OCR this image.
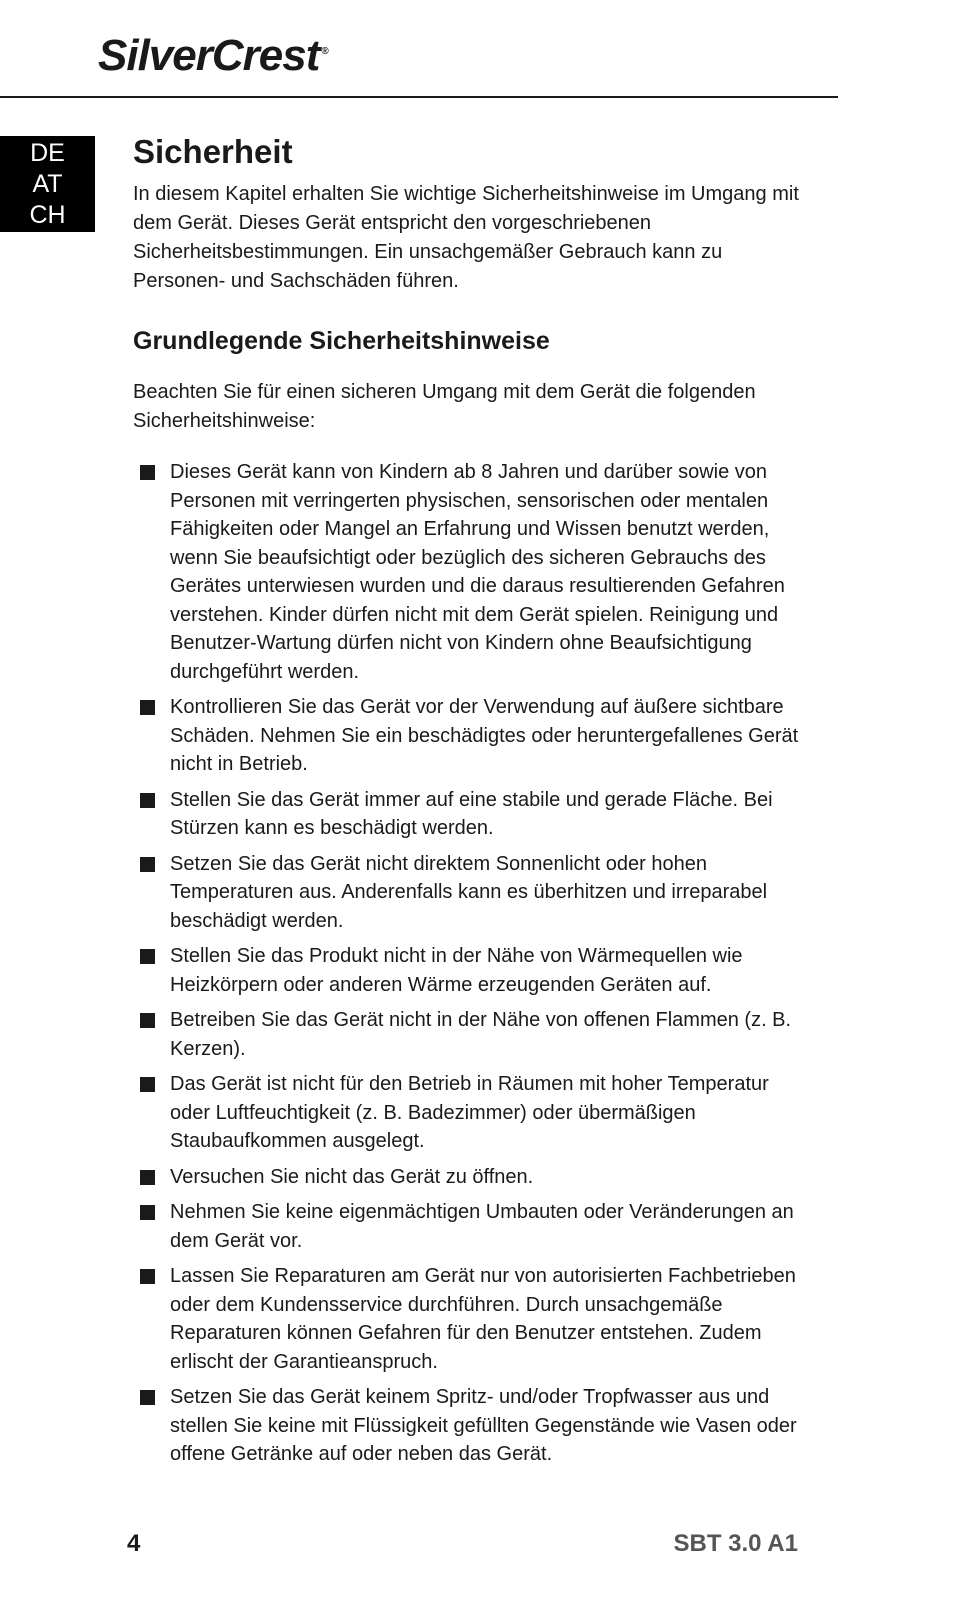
SilverCrest ®
DE
AT
CH
Sicherheit

In diesem Kapitel erhalten Sie wichtige Sicherheitshinweise im Umgang mit dem Gerät. Dieses Gerät entspricht den vorgeschriebenen Sicherheitsbestimmungen. Ein unsachgemäßer Gebrauch kann zu Personen- und Sachschäden führen.

Grundlegende Sicherheitshinweise

Beachten Sie für einen sicheren Umgang mit dem Gerät die folgenden Sicherheitshinweise:

Dieses Gerät kann von Kindern ab 8 Jahren und darüber sowie von Personen mit verringerten physischen, sensorischen oder mentalen Fähigkeiten oder Mangel an Erfahrung und Wissen benutzt werden, wenn Sie beaufsichtigt oder bezüglich des sicheren Gebrauchs des Gerätes unterwiesen wurden und die daraus resultierenden Gefahren verstehen. Kinder dürfen nicht mit dem Gerät spielen. Reinigung und Benutzer-Wartung dürfen nicht von Kindern ohne Beaufsichtigung durchgeführt werden.
Kontrollieren Sie das Gerät vor der Verwendung auf äußere sichtbare Schäden. Nehmen Sie ein beschädigtes oder heruntergefallenes Gerät nicht in Betrieb.
Stellen Sie das Gerät immer auf eine stabile und gerade Fläche. Bei Stürzen kann es beschädigt werden.
Setzen Sie das Gerät nicht direktem Sonnenlicht oder hohen Temperaturen aus. Anderenfalls kann es überhitzen und irreparabel beschädigt werden.
Stellen Sie das Produkt nicht in der Nähe von Wärmequellen wie Heizkörpern oder anderen Wärme erzeugenden Geräten auf.
Betreiben Sie das Gerät nicht in der Nähe von offenen Flammen (z. B. Kerzen).
Das Gerät ist nicht für den Betrieb in Räumen mit hoher Temperatur oder Luftfeuchtigkeit (z. B. Badezimmer) oder übermäßigen Staubaufkommen ausgelegt.
Versuchen Sie nicht das Gerät zu öffnen.
Nehmen Sie keine eigenmächtigen Umbauten oder Veränderungen an dem Gerät vor.
Lassen Sie Reparaturen am Gerät nur von autorisierten Fachbetrieben oder dem Kundensservice durchführen. Durch unsachgemäße Reparaturen können Gefahren für den Benutzer entstehen. Zudem erlischt der Garantieanspruch.
Setzen Sie das Gerät keinem Spritz- und/oder Tropfwasser aus und stellen Sie keine mit Flüssigkeit gefüllten Gegenstände wie Vasen oder offene Getränke auf oder neben das Gerät.
4	SBT 3.0 A1
